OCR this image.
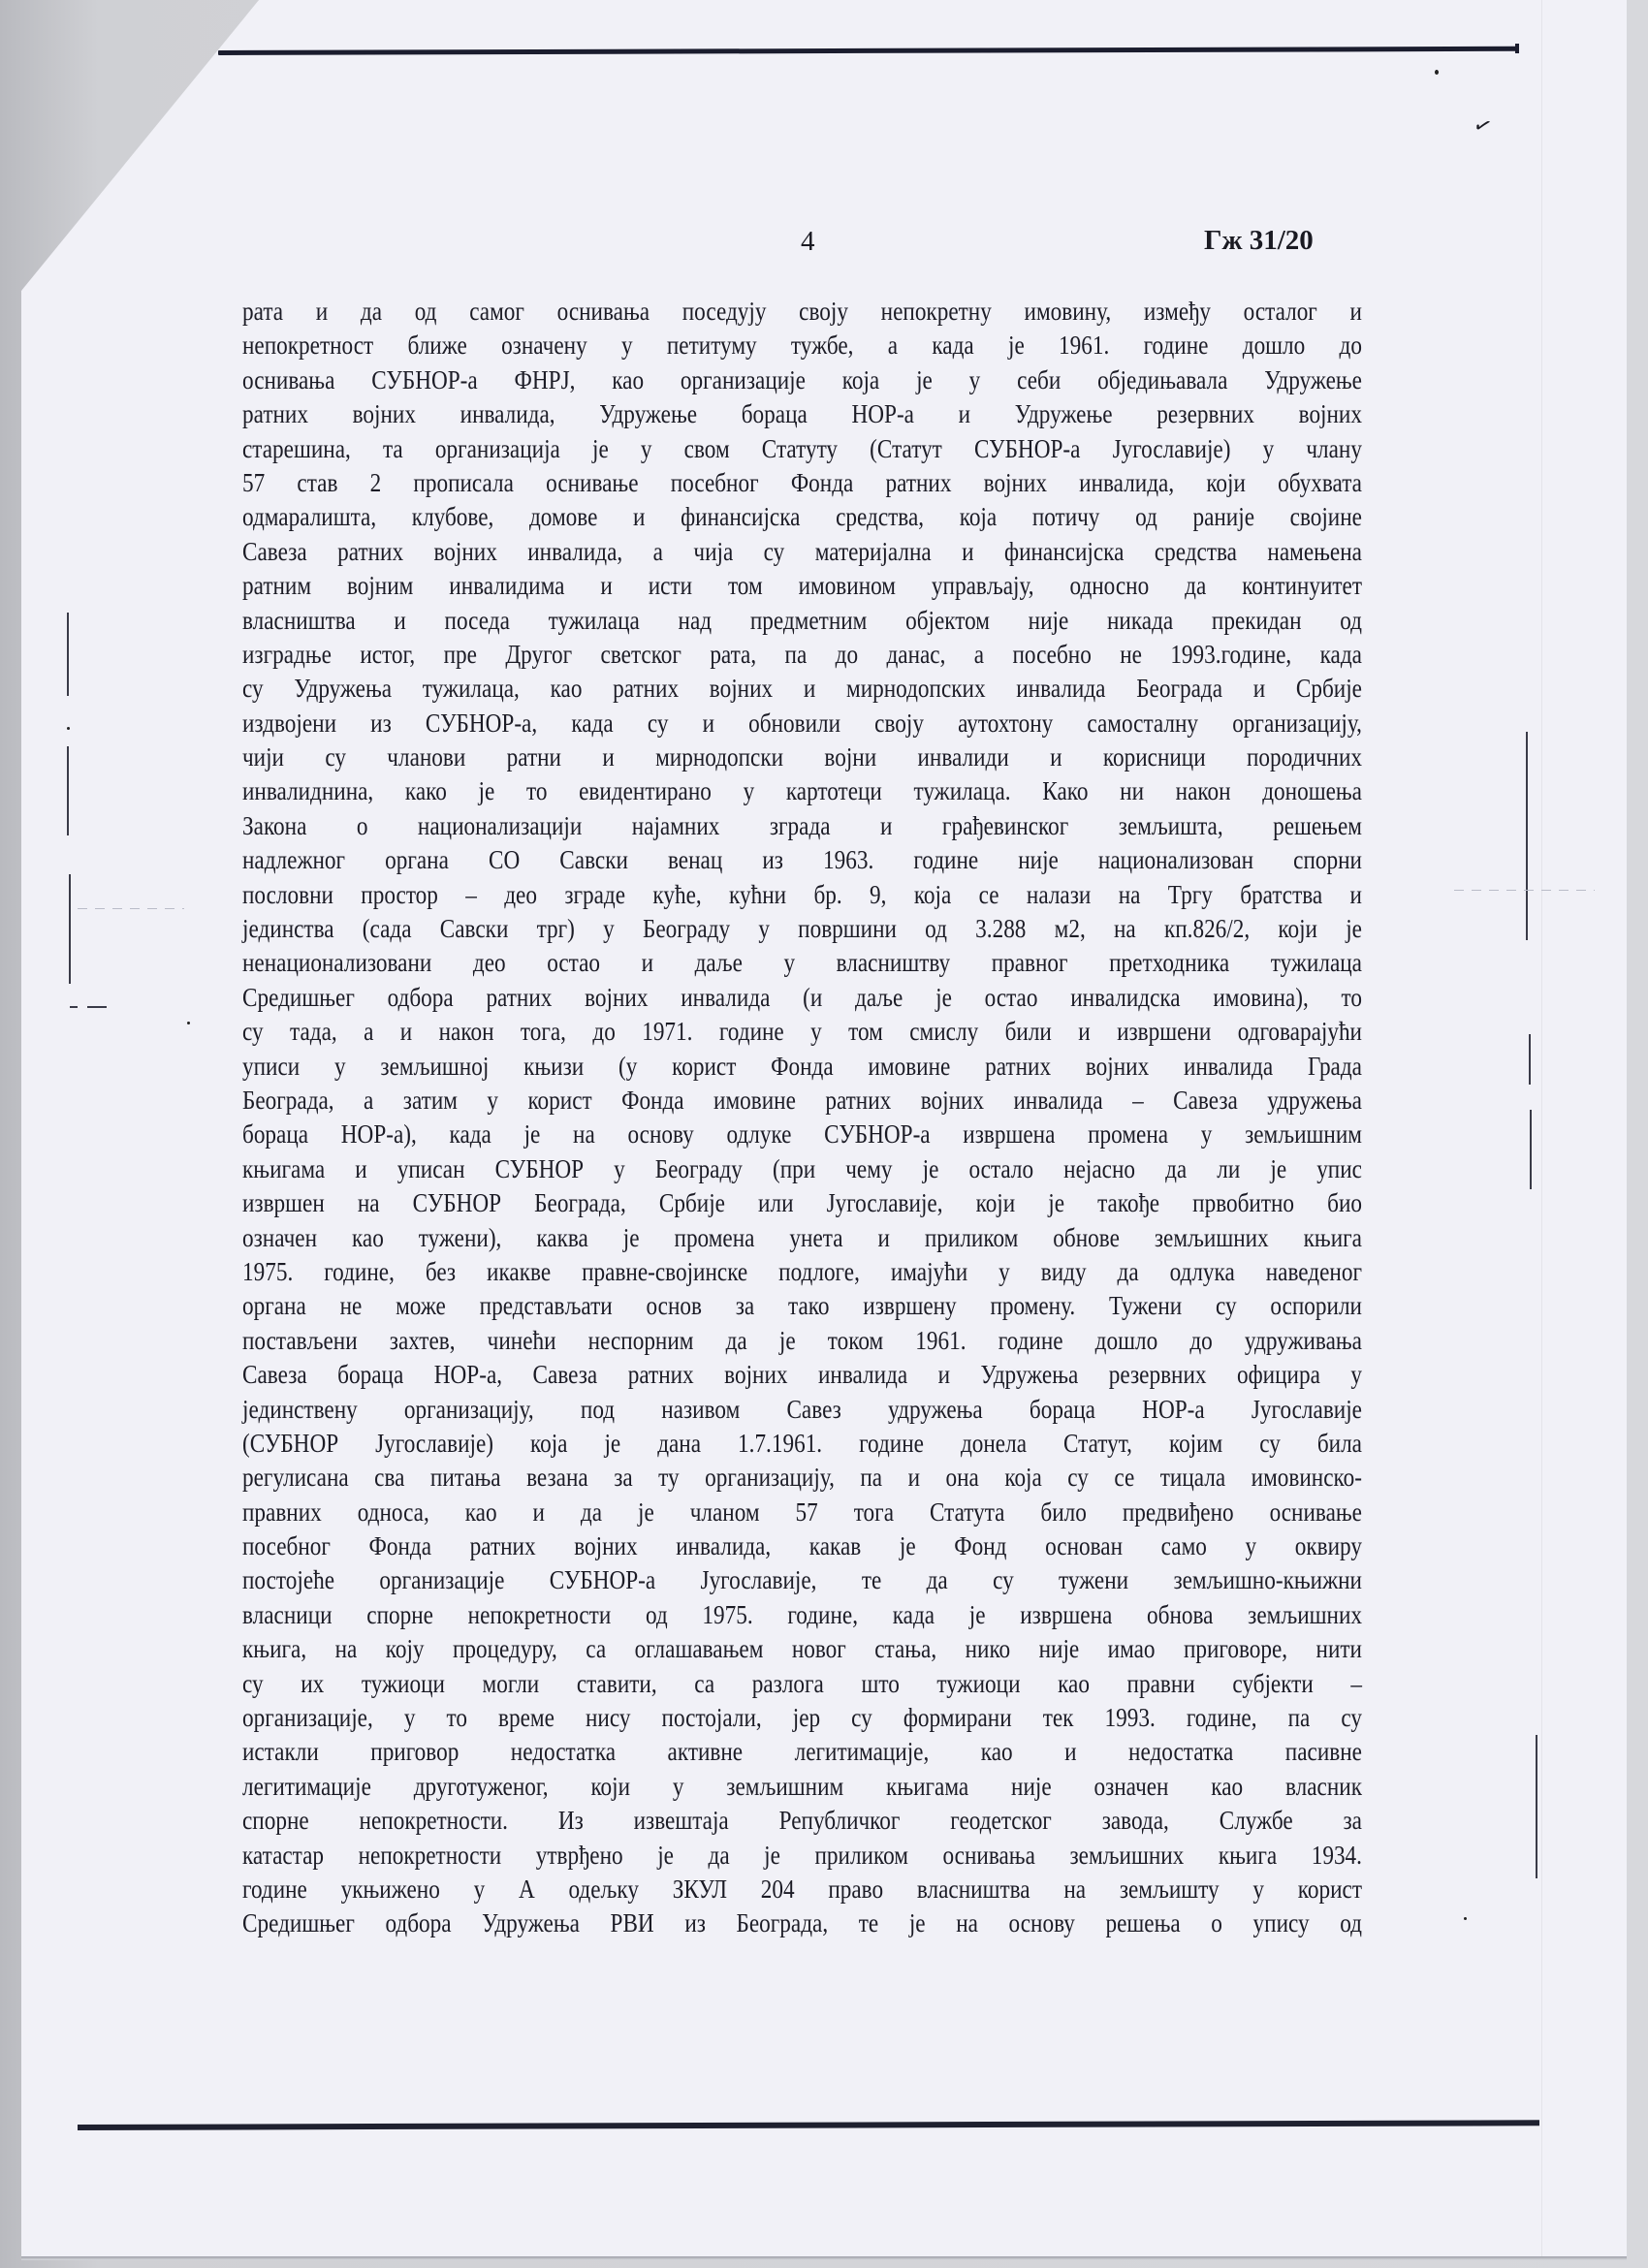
✓
4	Гж 31/20
рата и да од самог оснивања поседују своју непокретну имовину, између осталог и
непокретност ближе означену у петитуму тужбе, а када је 1961. године дошло до
оснивања СУБНОР-а ФНРЈ, као организације која је у себи обједињавала Удружење
ратних војних инвалида, Удружење бораца НОР-а и Удружење резервних војних
старешина, та организација је у свом Статуту (Статут СУБНОР-а Југославије) у члану
57 став 2 прописала оснивање посебног Фонда ратних војних инвалида, који обухвата
одмаралишта, клубове, домове и финансијска средства, која потичу од раније својине
Савеза ратних војних инвалида, а чија су материјална и финансијска средства намењена
ратним војним инвалидима и исти том имовином управљају, односно да континуитет
власништва и поседа тужилаца над предметним објектом није никада прекидан од
изградње истог, пре Другог светског рата, па до данас, а посебно не 1993.године, када
су Удружења тужилаца, као ратних војних и мирнодопских инвалида Београда и Србије
издвојени из СУБНОР-а, када су и обновили своју аутохтону самосталну организацију,
чији су чланови ратни и мирнодопски војни инвалиди и корисници породичних
инвалиднина, како је то евидентирано у картотеци тужилаца. Како ни након доношења
Закона о национализацији најамних зграда и грађевинског земљишта, решењем
надлежног органа СО Савски венац из 1963. године није национализован спорни
пословни простор – део зграде куће, кућни бр. 9, која се налази на Тргу братства и
јединства (сада Савски трг) у Београду у површини од 3.288 м2, на кп.826/2, који је
ненационализовани део остао и даље у власништву правног претходника тужилаца
Средишњег одбора ратних војних инвалида (и даље је остао инвалидска имовина), то
су тада, а и након тога, до 1971. године у том смислу били и извршени одговарајући
уписи у земљишној књизи (у корист Фонда имовине ратних војних инвалида Града
Београда, а затим у корист Фонда имовине ратних војних инвалида – Савеза удружења
бораца НОР-а), када је на основу одлуке СУБНОР-а извршена промена у земљишним
књигама и уписан СУБНОР у Београду (при чему је остало нејасно да ли је упис
извршен на СУБНОР Београда, Србије или Југославије, који је такође првобитно био
означен као тужени), каква је промена унета и приликом обнове земљишних књига
1975. године, без икакве правне-својинске подлоге, имајући у виду да одлука наведеног
органа не може представљати основ за тако извршену промену. Тужени су оспорили
постављени захтев, чинећи неспорним да је током 1961. године дошло до удруживања
Савеза бораца НОР-а, Савеза ратних војних инвалида и Удружења резервних официра у
јединствену организацију, под називом Савез удружења бораца НОР-а Југославије
(СУБНОР Југославије) која је дана 1.7.1961. године донела Статут, којим су била
регулисана сва питања везана за ту организацију, па и она која су се тицала имовинско-
правних односа, као и да је чланом 57 тога Статута било предвиђено оснивање
посебног Фонда ратних војних инвалида, какав је Фонд основан само у оквиру
постојеће организације СУБНОР-а Југославије, те да су тужени земљишно-књижни
власници спорне непокретности од 1975. године, када је извршена обнова земљишних
књига, на коју процедуру, са оглашавањем новог стања, нико није имао приговоре, нити
су их тужиоци могли ставити, са разлога што тужиоци као правни субјекти –
организације, у то време нису постојали, јер су формирани тек 1993. године, па су
истакли приговор недостатка активне легитимације, као и недостатка пасивне
легитимације друготуженог, који у земљишним књигама није означен као власник
спорне непокретности. Из извештаја Републичког геодетског завода, Службе за
катастар непокретности утврђено је да је приликом оснивања земљишних књига 1934.
године укњижено у А одељку ЗКУЛ 204 право власништва на земљишту у корист
Средишњег одбора Удружења РВИ из Београда, те је на основу решења о упису од
